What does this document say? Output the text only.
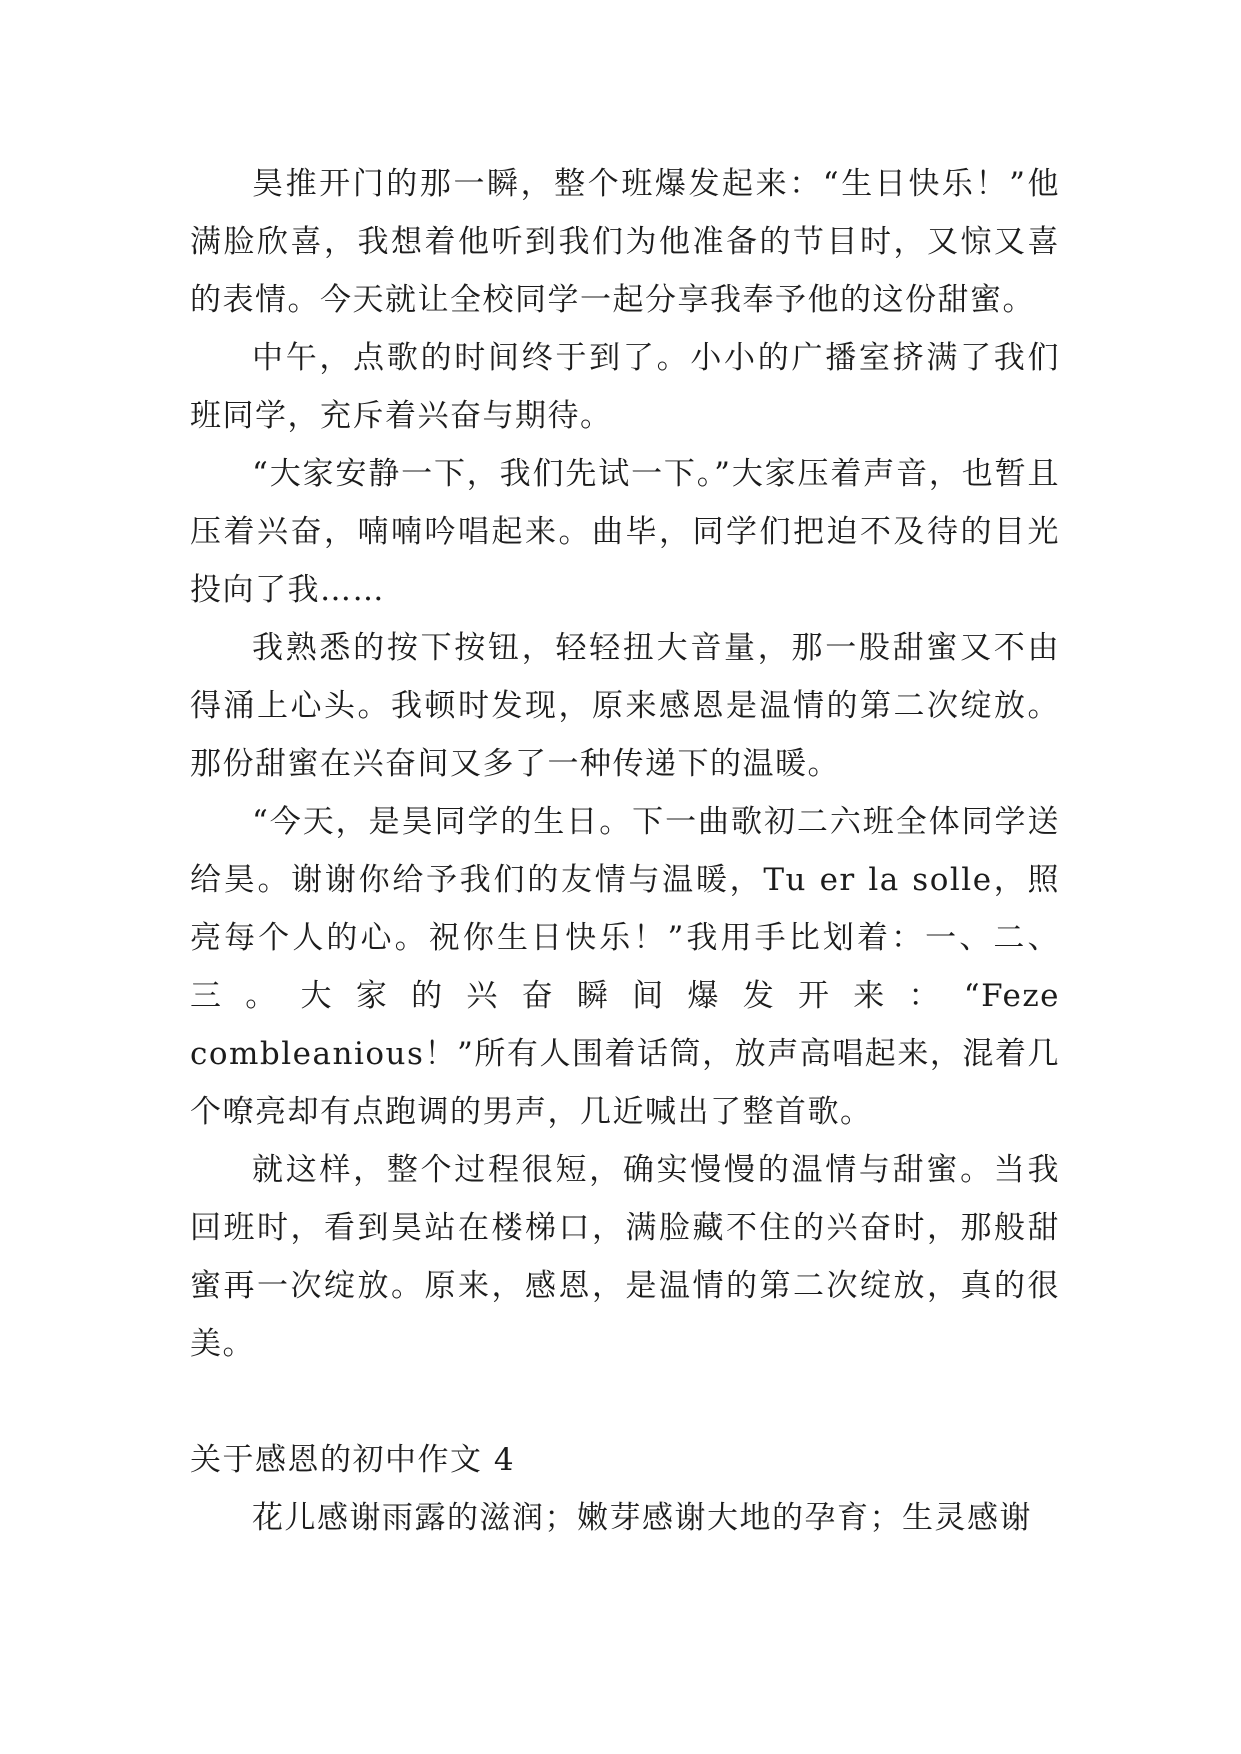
昊推开门的那一瞬，整个班爆发起来：“生日快乐！”他满脸欣喜，我想着他听到我们为他准备的节目时，又惊又喜的表情。今天就让全校同学一起分享我奉予他的这份甜蜜。

中午，点歌的时间终于到了。小小的广播室挤满了我们班同学，充斥着兴奋与期待。

“大家安静一下，我们先试一下。”大家压着声音，也暂且压着兴奋，喃喃吟唱起来。曲毕，同学们把迫不及待的目光投向了我……

我熟悉的按下按钮，轻轻扭大音量，那一股甜蜜又不由得涌上心头。我顿时发现，原来感恩是温情的第二次绽放。那份甜蜜在兴奋间又多了一种传递下的温暖。

“今天，是昊同学的生日。下一曲歌初二六班全体同学送给昊。谢谢你给予我们的友情与温暖，Tu er la solle，照亮每个人的心。祝你生日快乐！”我用手比划着：一、二、三。大家的兴奋瞬间爆发开来：“Feze combleanious！”所有人围着话筒，放声高唱起来，混着几个嘹亮却有点跑调的男声，几近喊出了整首歌。

就这样，整个过程很短，确实慢慢的温情与甜蜜。当我回班时，看到昊站在楼梯口，满脸藏不住的兴奋时，那般甜蜜再一次绽放。原来，感恩，是温情的第二次绽放，真的很美。

关于感恩的初中作文 4

花儿感谢雨露的滋润；嫩芽感谢大地的孕育；生灵感谢
